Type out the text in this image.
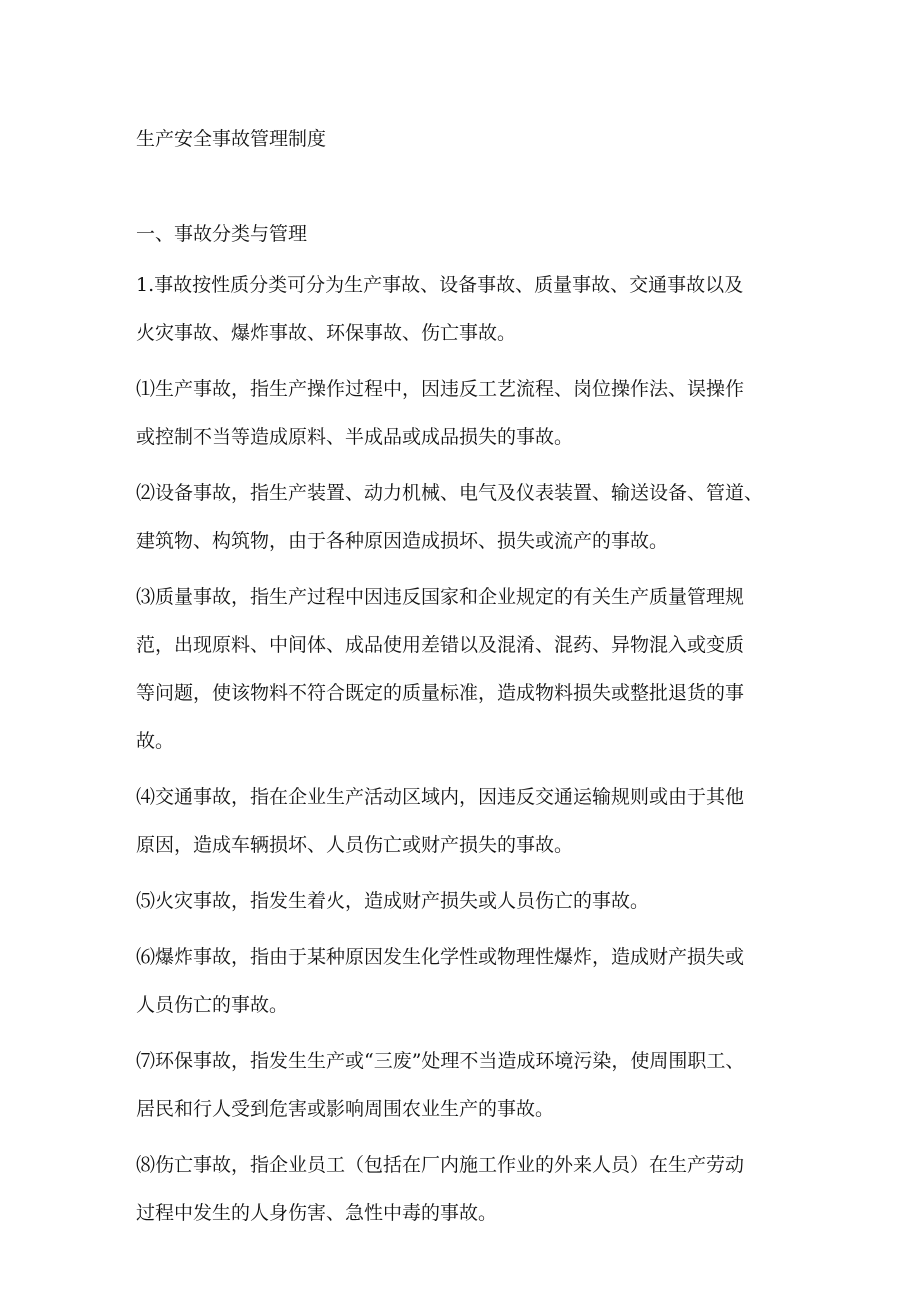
生产安全事故管理制度
一、事故分类与管理

1.事故按性质分类可分为生产事故、设备事故、质量事故、交通事故以及
火灾事故、爆炸事故、环保事故、伤亡事故。

⑴生产事故，指生产操作过程中，因违反工艺流程、岗位操作法、误操作
或控制不当等造成原料、半成品或成品损失的事故。

⑵设备事故，指生产装置、动力机械、电气及仪表装置、输送设备、管道、
建筑物、构筑物，由于各种原因造成损坏、损失或流产的事故。

⑶质量事故，指生产过程中因违反国家和企业规定的有关生产质量管理规
范，出现原料、中间体、成品使用差错以及混淆、混药、异物混入或变质
等问题，使该物料不符合既定的质量标准，造成物料损失或整批退货的事
故。

⑷交通事故，指在企业生产活动区域内，因违反交通运输规则或由于其他
原因，造成车辆损坏、人员伤亡或财产损失的事故。

⑸火灾事故，指发生着火，造成财产损失或人员伤亡的事故。

⑹爆炸事故，指由于某种原因发生化学性或物理性爆炸，造成财产损失或
人员伤亡的事故。

⑺环保事故，指发生生产或“三废”处理不当造成环境污染，使周围职工、
居民和行人受到危害或影响周围农业生产的事故。

⑻伤亡事故，指企业员工（包括在厂内施工作业的外来人员）在生产劳动
过程中发生的人身伤害、急性中毒的事故。
